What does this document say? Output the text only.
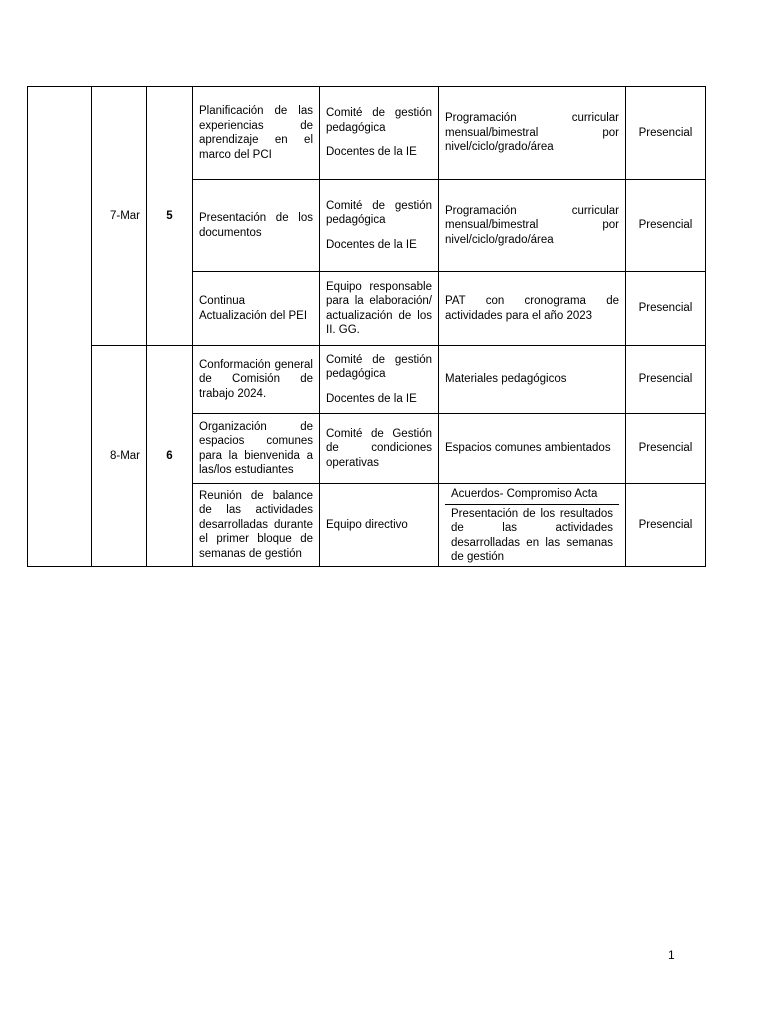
	7-Mar	5	Planificación de las experiencias de aprendizaje en el marco del PCI	Comité de gestión pedagógica
Docentes de la IE	Programación curricular mensual/bimestral por nivel/ciclo/grado/área	Presencial
			Presentación de los documentos	Comité de gestión pedagógica
Docentes de la IE	Programación curricular mensual/bimestral por nivel/ciclo/grado/área	Presencial
			Continua Actualización del PEI	Equipo responsable para la elaboración/actualización de los II. GG.	PAT con cronograma de actividades para el año 2023	Presencial
	8-Mar	6	Conformación general de Comisión de trabajo 2024.	Comité de gestión pedagógica
Docentes de la IE	Materiales pedagógicos	Presencial
			Organización de espacios comunes para la bienvenida a las/los estudiantes	Comité de Gestión de condiciones operativas	Espacios comunes ambientados	Presencial
			Reunión de balance de las actividades desarrolladas durante el primer bloque de semanas de gestión	Equipo directivo	Acuerdos- Compromiso Acta
Presentación de los resultados de las actividades desarrolladas en las semanas de gestión	Presencial
1
